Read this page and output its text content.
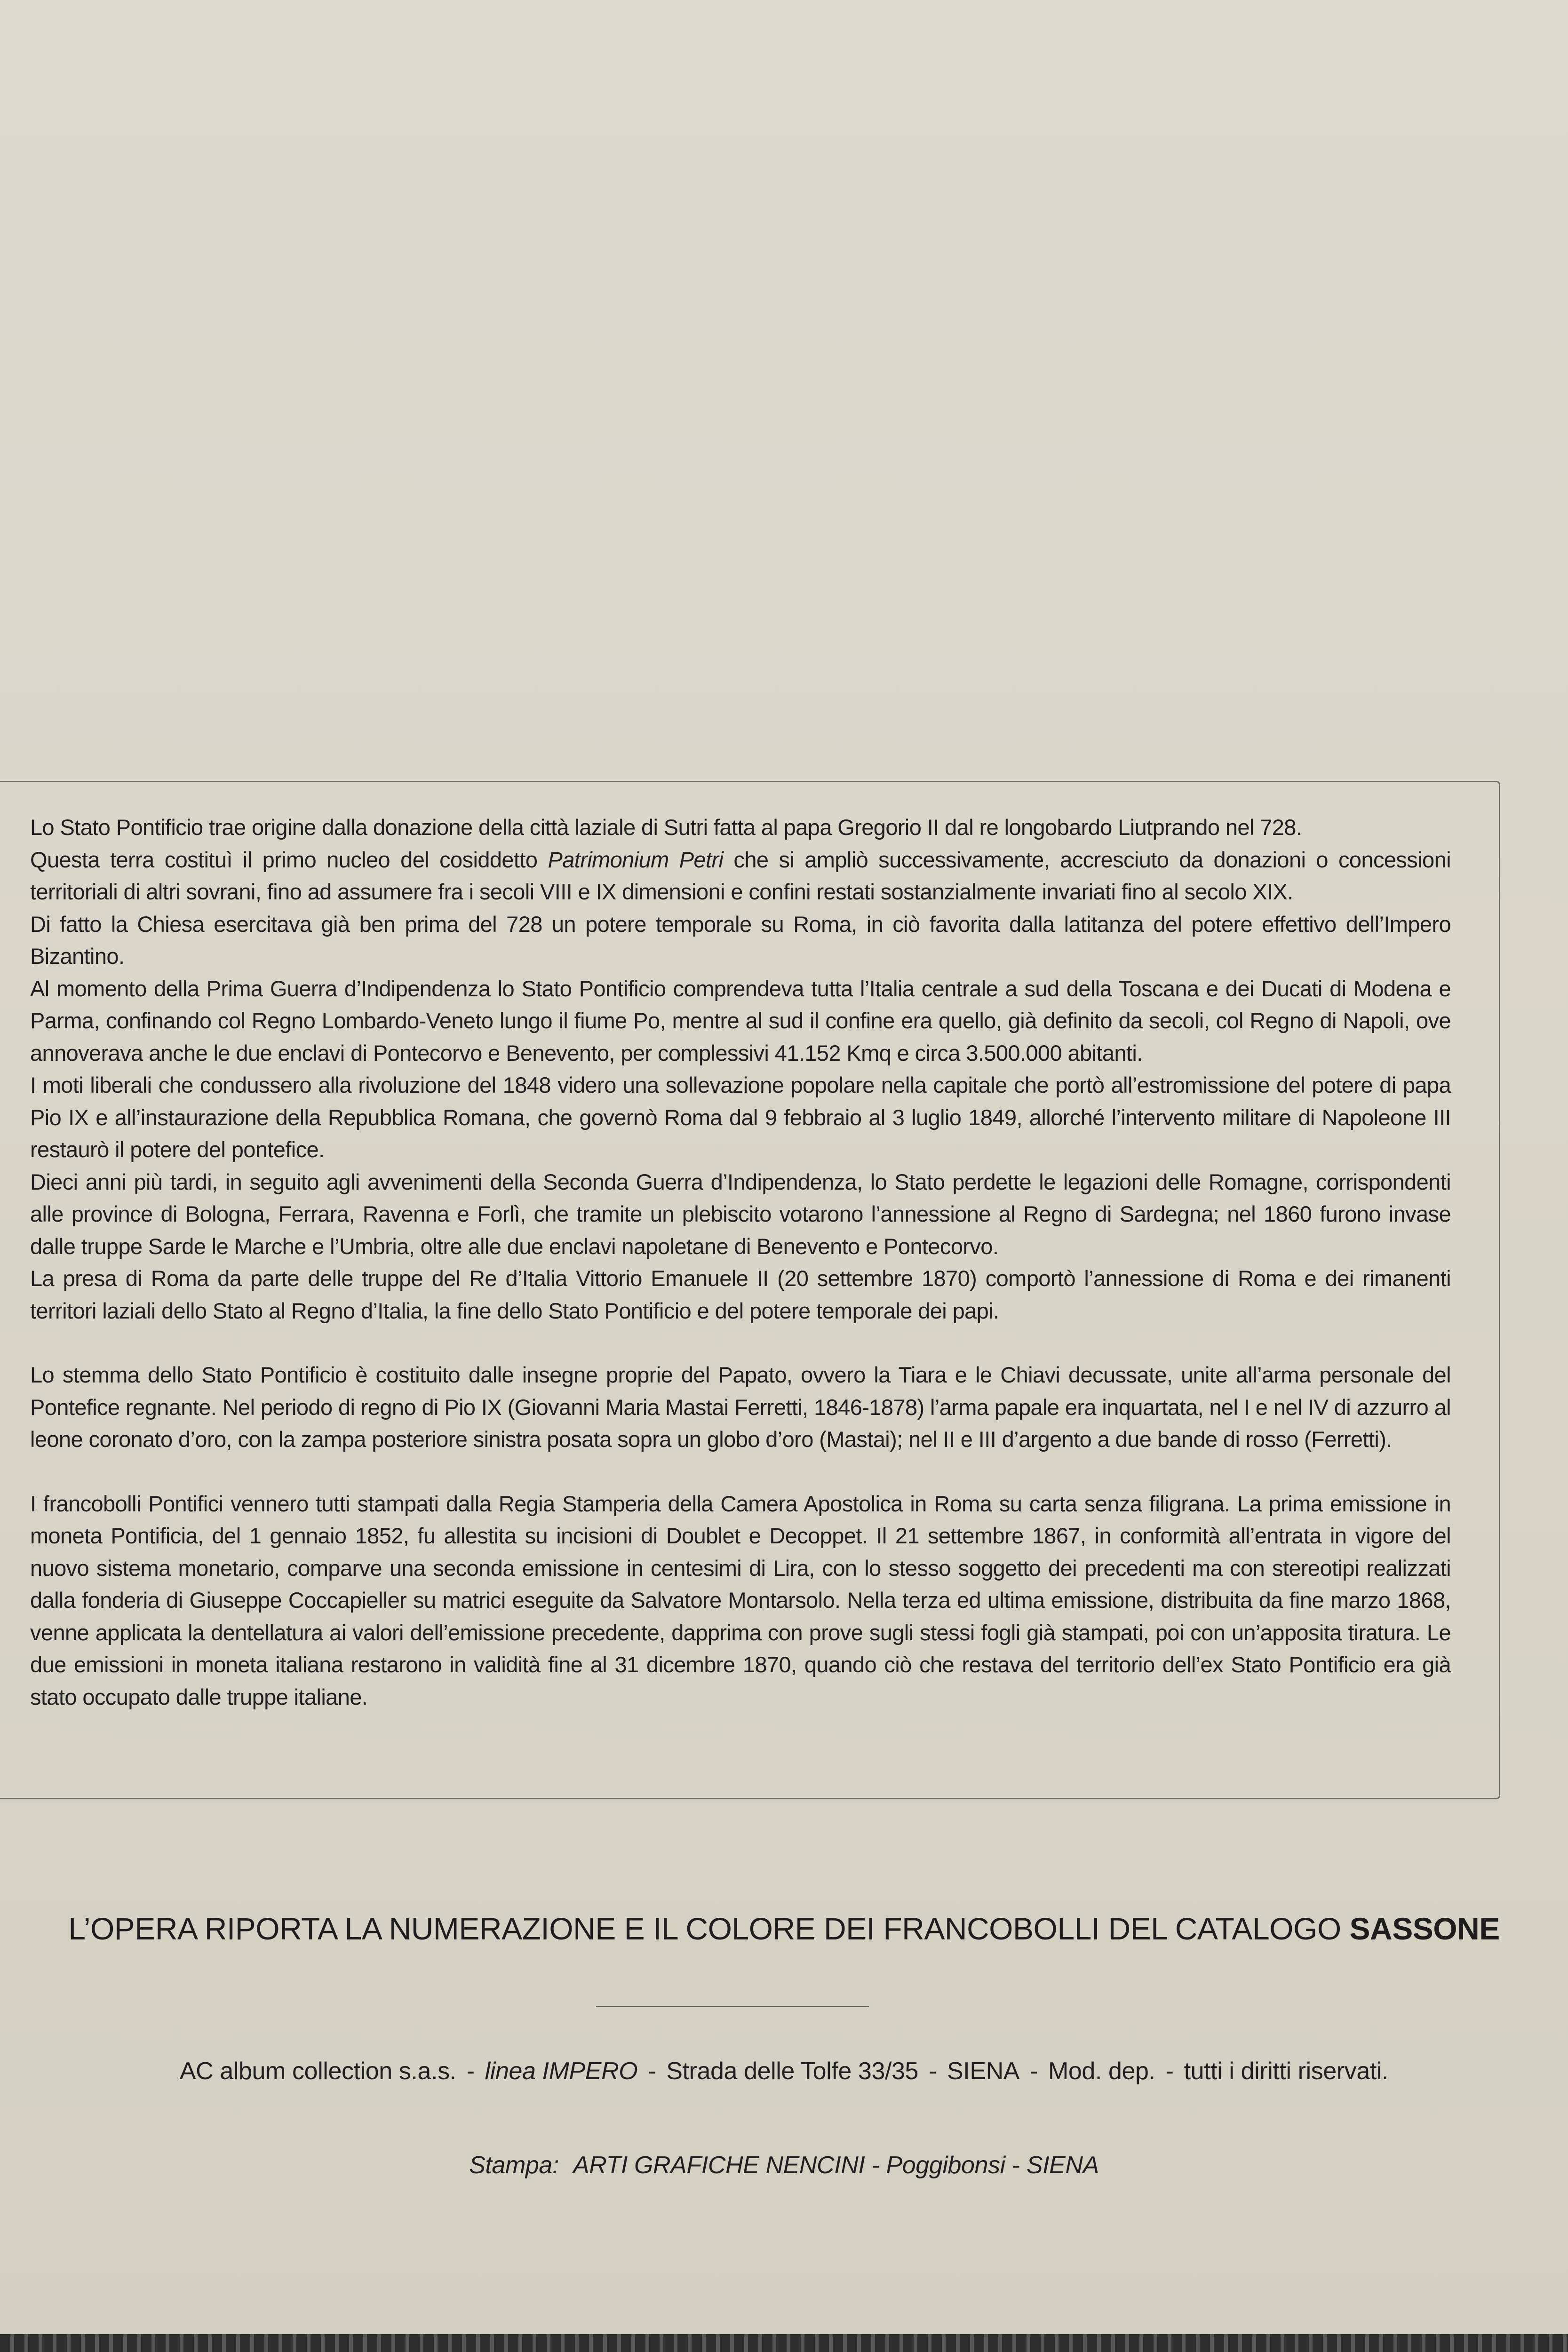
Lo Stato Pontificio trae origine dalla donazione della città laziale di Sutri fatta al papa Gregorio II dal re longobardo Liutprando nel 728.
Questa terra costituì il primo nucleo del cosiddetto Patrimonium Petri che si ampliò successivamente, accresciuto da donazioni o concessioni territoriali di altri sovrani, fino ad assumere fra i secoli VIII e IX dimensioni e confini restati sostanzialmente invariati fino al secolo XIX.

Di fatto la Chiesa esercitava già ben prima del 728 un potere temporale su Roma, in ciò favorita dalla latitanza del potere effettivo dell’Impero Bizantino.

Al momento della Prima Guerra d’Indipendenza lo Stato Pontificio comprendeva tutta l’Italia centrale a sud della Toscana e dei Ducati di Modena e Parma, confinando col Regno Lombardo-Veneto lungo il fiume Po, mentre al sud il confine era quello, già definito da secoli, col Regno di Napoli, ove annoverava anche le due enclavi di Pontecorvo e Benevento, per complessivi 41.152 Kmq e circa 3.500.000 abitanti.

I moti liberali che condussero alla rivoluzione del 1848 videro una sollevazione popolare nella capitale che portò all’estromissione del potere di papa Pio IX e all’instaurazione della Repubblica Romana, che governò Roma dal 9 febbraio al 3 luglio 1849, allorché l’intervento militare di Napoleone III restaurò il potere del pontefice.

Dieci anni più tardi, in seguito agli avvenimenti della Seconda Guerra d’Indipendenza, lo Stato perdette le legazioni delle Romagne, corrispondenti alle province di Bologna, Ferrara, Ravenna e Forlì, che tramite un plebiscito votarono l’annessione al Regno di Sardegna; nel 1860 furono invase dalle truppe Sarde le Marche e l’Umbria, oltre alle due enclavi napoletane di Benevento e Pontecorvo.

La presa di Roma da parte delle truppe del Re d’Italia Vittorio Emanuele II (20 settembre 1870) comportò l’annessione di Roma e dei rimanenti territori laziali dello Stato al Regno d’Italia, la fine dello Stato Pontificio e del potere temporale dei papi.

Lo stemma dello Stato Pontificio è costituito dalle insegne proprie del Papato, ovvero la Tiara e le Chiavi decussate, unite all’arma personale del Pontefice regnante. Nel periodo di regno di Pio IX (Giovanni Maria Mastai Ferretti, 1846-1878) l’arma papale era inquartata, nel I e nel IV di azzurro al leone coronato d’oro, con la zampa posteriore sinistra posata sopra un globo d’oro (Mastai); nel II e III d’argento a due bande di rosso (Ferretti).

I francobolli Pontifici vennero tutti stampati dalla Regia Stamperia della Camera Apostolica in Roma su carta senza filigrana. La prima emissione in moneta Pontificia, del 1 gennaio 1852, fu allestita su incisioni di Doublet e Decoppet. Il 21 settembre 1867, in conformità all’entrata in vigore del nuovo sistema monetario, comparve una seconda emissione in centesimi di Lira, con lo stesso soggetto dei precedenti ma con stereotipi realizzati dalla fonderia di Giuseppe Coccapieller su matrici eseguite da Salvatore Montarsolo. Nella terza ed ultima emissione, distribuita da fine marzo 1868, venne applicata la dentellatura ai valori dell’emissione precedente, dapprima con prove sugli stessi fogli già stampati, poi con un’apposita tiratura. Le due emissioni in moneta italiana restarono in validità fine al 31 dicembre 1870, quando ciò che restava del territorio dell’ex Stato Pontificio era già stato occupato dalle truppe italiane.

L’OPERA RIPORTA LA NUMERAZIONE E IL COLORE DEI FRANCOBOLLI DEL CATALOGO SASSONE
AC album collection s.a.s. - linea IMPERO - Strada delle Tolfe 33/35 - SIENA - Mod. dep. - tutti i diritti riservati.
Stampa: ARTI GRAFICHE NENCINI - Poggibonsi - SIENA
